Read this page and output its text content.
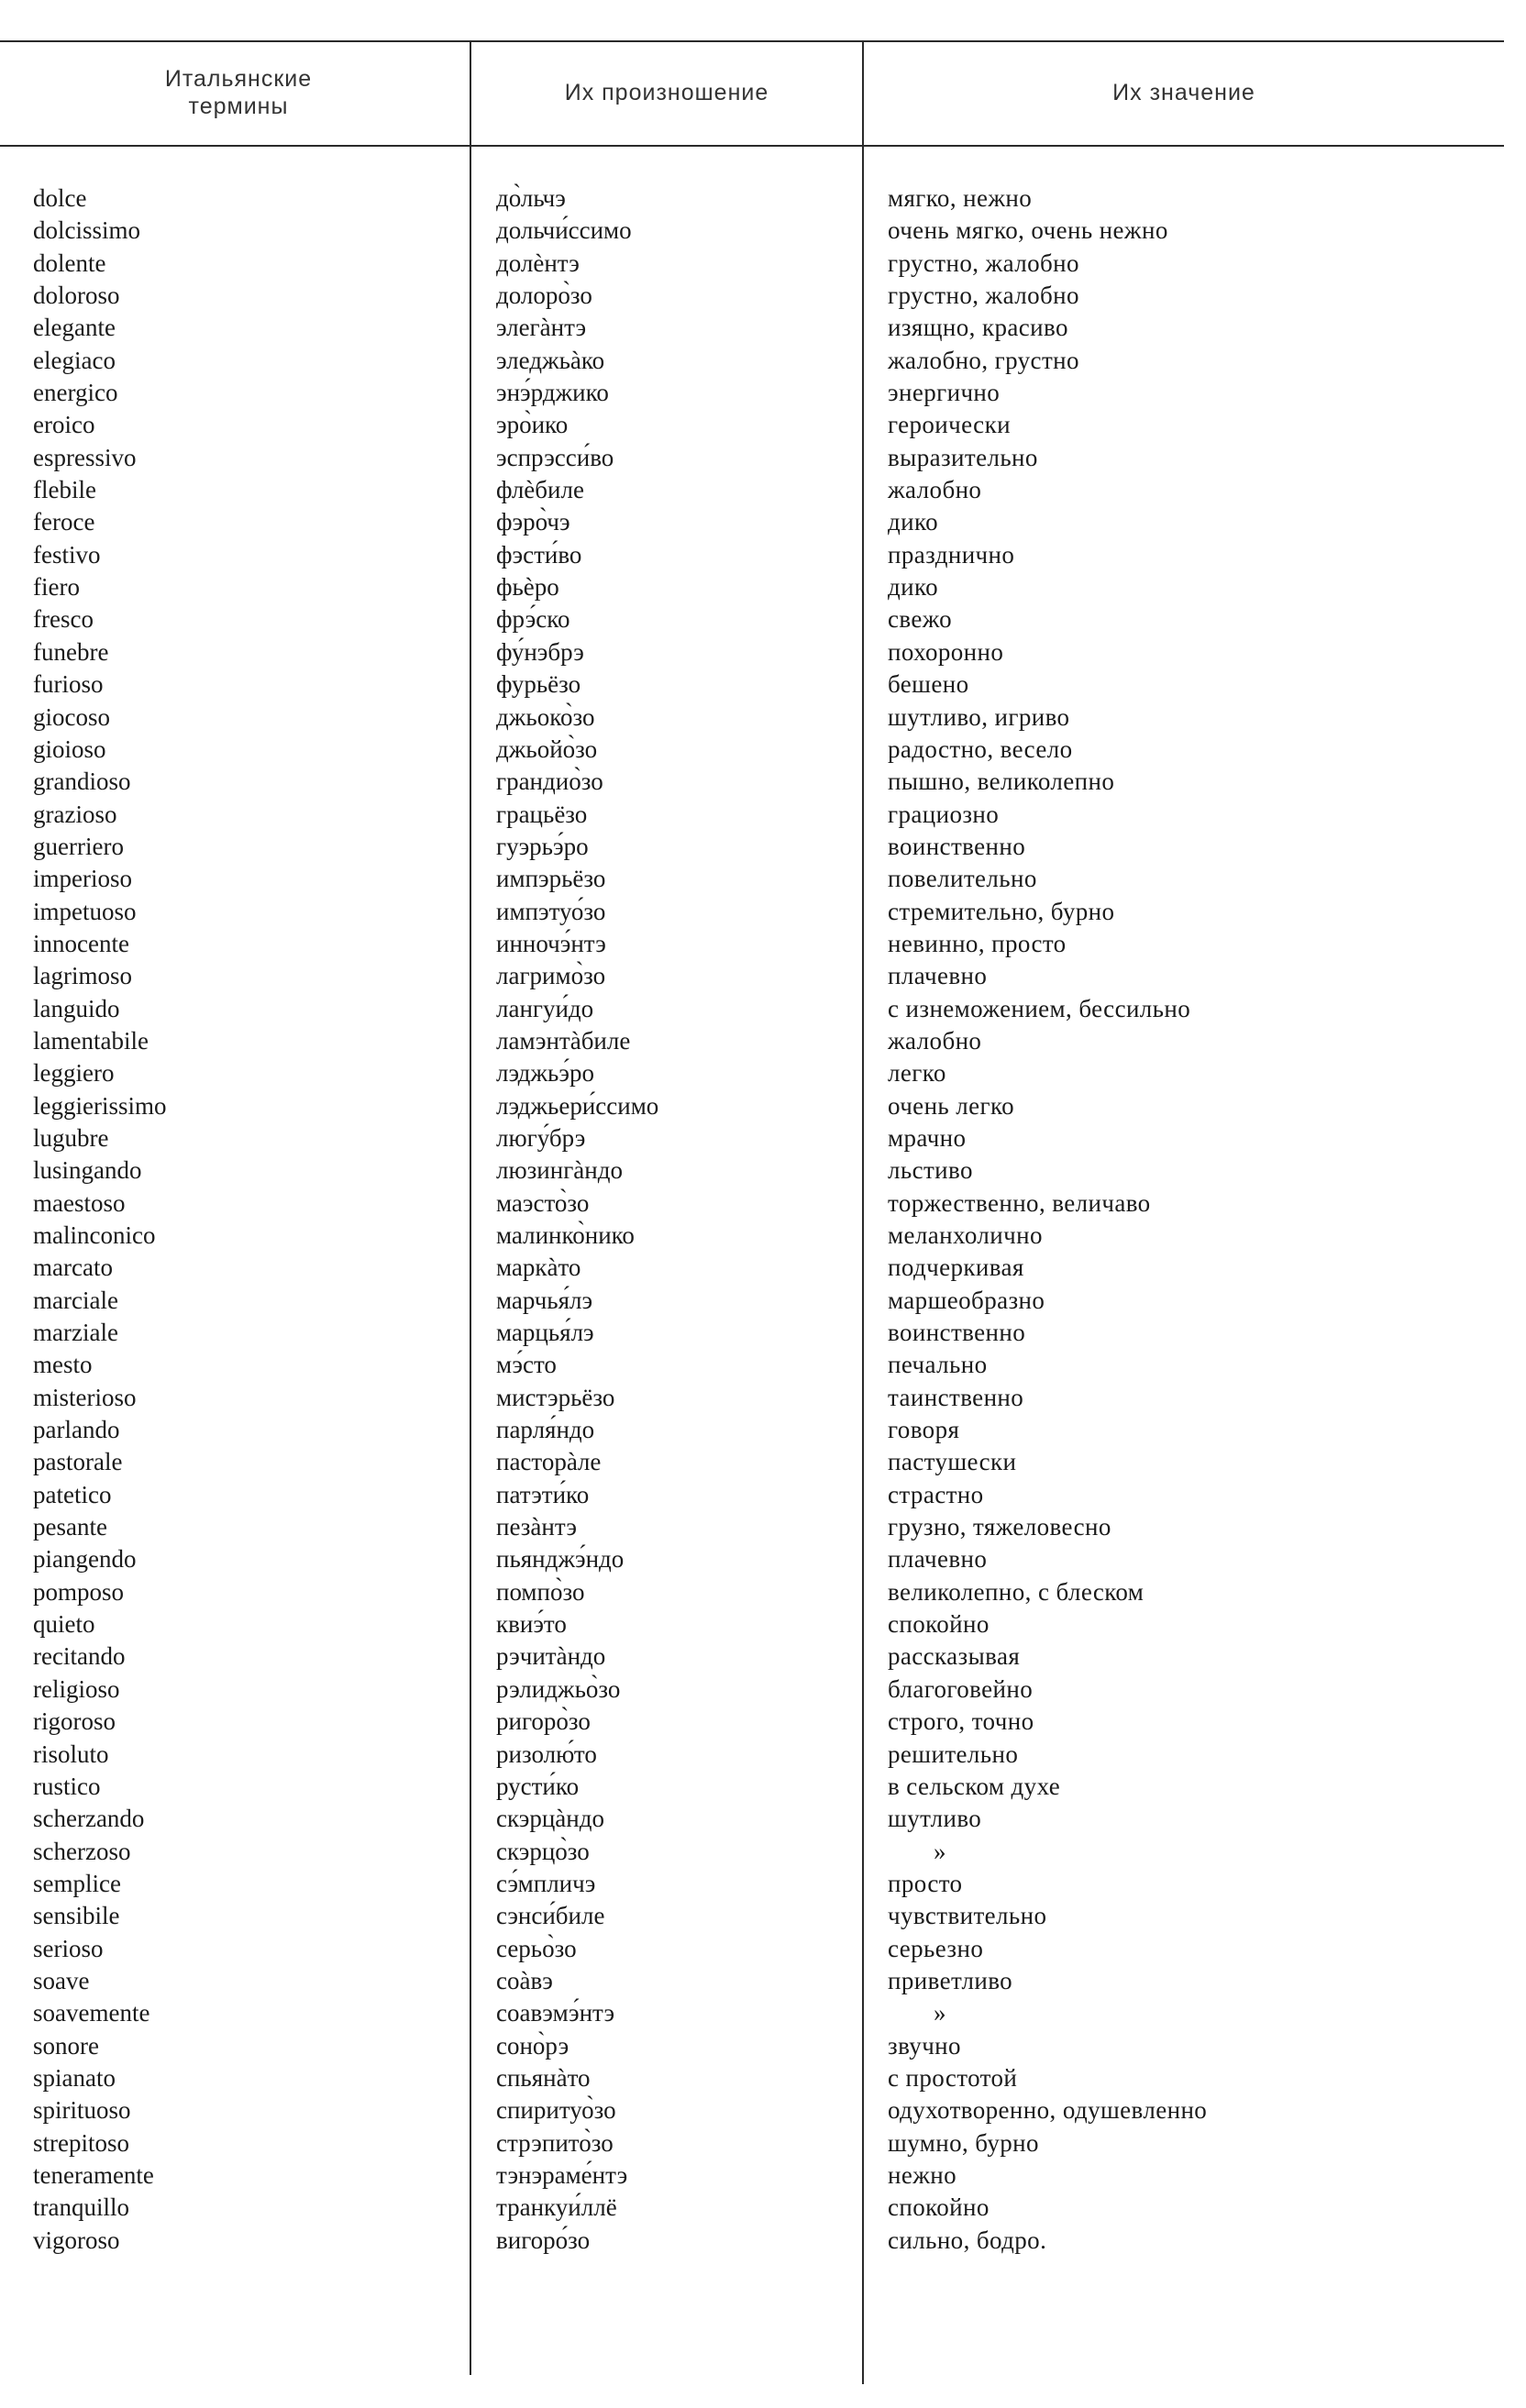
Итальянские
термины
Их произношение	Их значение
dolce
dolcissimo
dolente
doloroso
elegante
elegiaco
energico
eroico
espressivo
flebile
feroce
festivo
fiero
fresco
funebre
furioso
giocoso
gioioso
grandioso
grazioso
guerriero
imperioso
impetuoso
innocente
lagrimoso
languido
lamentabile
leggiero
leggierissimo
lugubre
lusingando
maestoso
malinconico
marcato
marciale
marziale
mesto
misterioso
parlando
pastorale
patetico
pesante
piangendo
pomposo
quieto
recitando
religioso
rigoroso
risoluto
rustico
scherzando
scherzoso
semplice
sensibile
serioso
soave
soavemente
sonore
spianato
spirituoso
strepitoso
teneramente
tranquillo
vigoroso
до̀льчэ
дольчи́ссимо
долѐнтэ
долоро̀зо
элегàнтэ
эледжьàко
энэ́рджико
эро̀ико
эспрэсси́во
флѐбиле
фэро̀чэ
фэсти́во
фьѐро
фрэ́ско
фу́нэбрэ
фурьёзо
джьоко̀зо
джьойо̀зо
грандио̀зо
грацьёзо
гуэрьэ́ро
импэрьёзо
импэтуо́зо
инночэ́нтэ
лагримо̀зо
лангуи́до
ламэнтàбиле
лэджьэ́ро
лэджьери́ссимо
люгу́брэ
люзингàндо
маэсто̀зо
малинко̀нико
маркàто
марчья́лэ
марцья́лэ
мэ́сто
мистэрьёзо
парля́ндо
пасторàле
патэти́ко
пезàнтэ
пьянджэ́ндо
помпо̀зо
квиэ́то
рэчитàндо
рэлиджьо̀зо
ригоро̀зо
ризолю́то
русти́ко
скэрцàндо
скэрцо̀зо
сэ́мпличэ
сэнси́биле
серьо̀зо
соàвэ
соавэмэ́нтэ
соно̀рэ
спьянàто
спиритуо̀зо
стрэпито̀зо
тэнэраме́нтэ
транкуи́ллё
вигоро́зо
мягко, нежно
очень мягко, очень нежно
грустно, жалобно
грустно, жалобно
изящно, красиво
жалобно, грустно
энергично
героически
выразительно
жалобно
дико
празднично
дико
свежо
похоронно
бешено
шутливо, игриво
радостно, весело
пышно, великолепно
грациозно
воинственно
повелительно
стремительно, бурно
невинно, просто
плачевно
с изнеможением, бессильно
жалобно
легко
очень легко
мрачно
льстиво
торжественно, величаво
меланхолично
подчеркивая
маршеобразно
воинственно
печально
таинственно
говоря
пастушески
страстно
грузно, тяжеловесно
плачевно
великолепно, с блеском
спокойно
рассказывая
благоговейно
строго, точно
решительно
в сельском духе
шутливо
»
просто
чувствительно
серьезно
приветливо
»
звучно
с простотой
одухотворенно, одушевленно
шумно, бурно
нежно
спокойно
сильно, бодро.
